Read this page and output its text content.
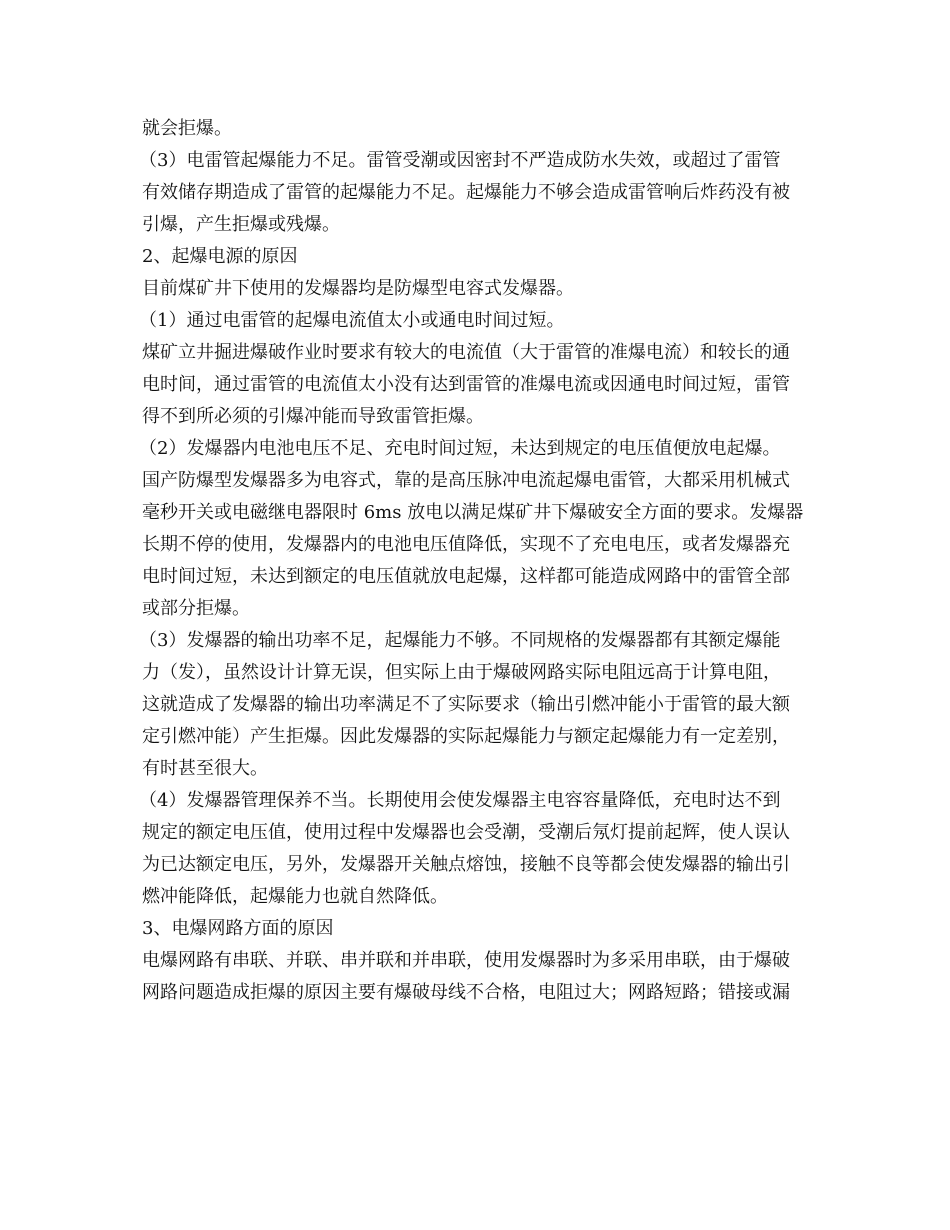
就会拒爆。
（3）电雷管起爆能力不足。雷管受潮或因密封不严造成防水失效，或超过了雷管
有效储存期造成了雷管的起爆能力不足。起爆能力不够会造成雷管响后炸药没有被
引爆，产生拒爆或残爆。
2、起爆电源的原因
目前煤矿井下使用的发爆器均是防爆型电容式发爆器。
（1）通过电雷管的起爆电流值太小或通电时间过短。
煤矿立井掘进爆破作业时要求有较大的电流值（大于雷管的准爆电流）和较长的通
电时间，通过雷管的电流值太小没有达到雷管的准爆电流或因通电时间过短，雷管
得不到所必须的引爆冲能而导致雷管拒爆。
（2）发爆器内电池电压不足、充电时间过短，未达到规定的电压值便放电起爆。
国产防爆型发爆器多为电容式，靠的是高压脉冲电流起爆电雷管，大都采用机械式
毫秒开关或电磁继电器限时 6ms 放电以满足煤矿井下爆破安全方面的要求。发爆器
长期不停的使用，发爆器内的电池电压值降低，实现不了充电电压，或者发爆器充
电时间过短，未达到额定的电压值就放电起爆，这样都可能造成网路中的雷管全部
或部分拒爆。
（3）发爆器的输出功率不足，起爆能力不够。不同规格的发爆器都有其额定爆能
力（发），虽然设计计算无误，但实际上由于爆破网路实际电阻远高于计算电阻，
这就造成了发爆器的输出功率满足不了实际要求（输出引燃冲能小于雷管的最大额
定引燃冲能）产生拒爆。因此发爆器的实际起爆能力与额定起爆能力有一定差别，
有时甚至很大。
（4）发爆器管理保养不当。长期使用会使发爆器主电容容量降低，充电时达不到
规定的额定电压值，使用过程中发爆器也会受潮，受潮后氖灯提前起辉，使人误认
为已达额定电压，另外，发爆器开关触点熔蚀，接触不良等都会使发爆器的输出引
燃冲能降低，起爆能力也就自然降低。
3、电爆网路方面的原因
电爆网路有串联、并联、串并联和并串联，使用发爆器时为多采用串联，由于爆破
网路问题造成拒爆的原因主要有爆破母线不合格，电阻过大；网路短路；错接或漏
